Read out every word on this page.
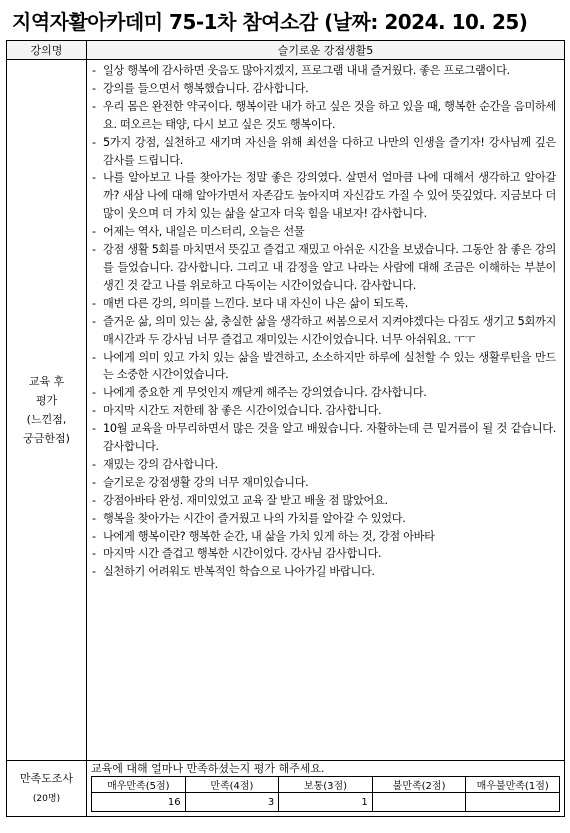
지역자활아카데미 75-1차 참여소감 (날짜: 2024. 10. 25)
강의명	슬기로운 강점생활5

교육 후
평가
(느낀점,
궁금한점)

- 일상 행복에 감사하면 웃음도 많아지겠지, 프로그램 내내 즐거웠다. 좋은 프로그램이다.
- 강의를 들으면서 행복했습니다. 감사합니다.
- 우리 몸은 완전한 약국이다. 행복이란 내가 하고 싶은 것을 하고 있을 때, 행복한 순간을 음미하세요. 떠오르는 태양, 다시 보고 싶은 것도 행복이다.
- 5가지 강점, 실천하고 새기며 자신을 위해 최선을 다하고 나만의 인생을 즐기자! 강사님께 깊은 감사를 드립니다.
- 나를 알아보고 나를 찾아가는 정말 좋은 강의였다. 살면서 얼마큼 나에 대해서 생각하고 알아갈까? 새삼 나에 대해 알아가면서 자존감도 높아지며 자신감도 가질 수 있어 뜻깊었다. 지금보다 더 많이 웃으며 더 가치 있는 삶을 살고자 더욱 힘을 내보자! 감사합니다.
- 어제는 역사, 내일은 미스터리, 오늘은 선물
- 강점 생활 5회를 마치면서 뜻깊고 즐겁고 재밌고 아쉬운 시간을 보냈습니다. 그동안 참 좋은 강의를 들었습니다. 감사합니다. 그리고 내 감정을 알고 나라는 사람에 대해 조금은 이해하는 부분이 생긴 것 같고 나를 위로하고 다독이는 시간이었습니다. 감사합니다.
- 매번 다른 강의, 의미를 느낀다. 보다 내 자신이 나은 삶이 되도록.
- 즐거운 삶, 의미 있는 삶, 충실한 삶을 생각하고 써봄으로서 지켜야겠다는 다짐도 생기고 5회까지 매시간과 두 강사님 너무 즐겁고 재미있는 시간이었습니다. 너무 아쉬워요. ㅜㅜ
- 나에게 의미 있고 가치 있는 삶을 발견하고, 소소하지만 하루에 실천할 수 있는 생활루틴을 만드는 소중한 시간이었습니다.
- 나에게 중요한 게 무엇인지 깨닫게 해주는 강의였습니다. 감사합니다.
- 마지막 시간도 저한테 참 좋은 시간이었습니다. 감사합니다.
- 10월 교육을 마무리하면서 많은 것을 알고 배웠습니다. 자활하는데 큰 밑거름이 될 것 같습니다. 감사합니다.
- 재밌는 강의 감사합니다.
- 슬기로운 강점생활 강의 너무 재미있습니다.
- 강점아바타 완성. 재미있었고 교육 잘 받고 배울 점 많았어요.
- 행복을 찾아가는 시간이 즐거웠고 나의 가치를 알아갈 수 있었다.
- 나에게 행복이란? 행복한 순간, 내 삶을 가치 있게 하는 것, 강점 아바타
- 마지막 시간 즐겁고 행복한 시간이었다. 강사님 감사합니다.
- 실천하기 어려워도 반복적인 학습으로 나아가길 바랍니다.

만족도조사
(20명)	
교육에 대해 얼마나 만족하셨는지 평가 해주세요.
매우만족(5점)	만족(4점)	보통(3점)	불만족(2점)	매우불만족(1점)
16	3	1		
